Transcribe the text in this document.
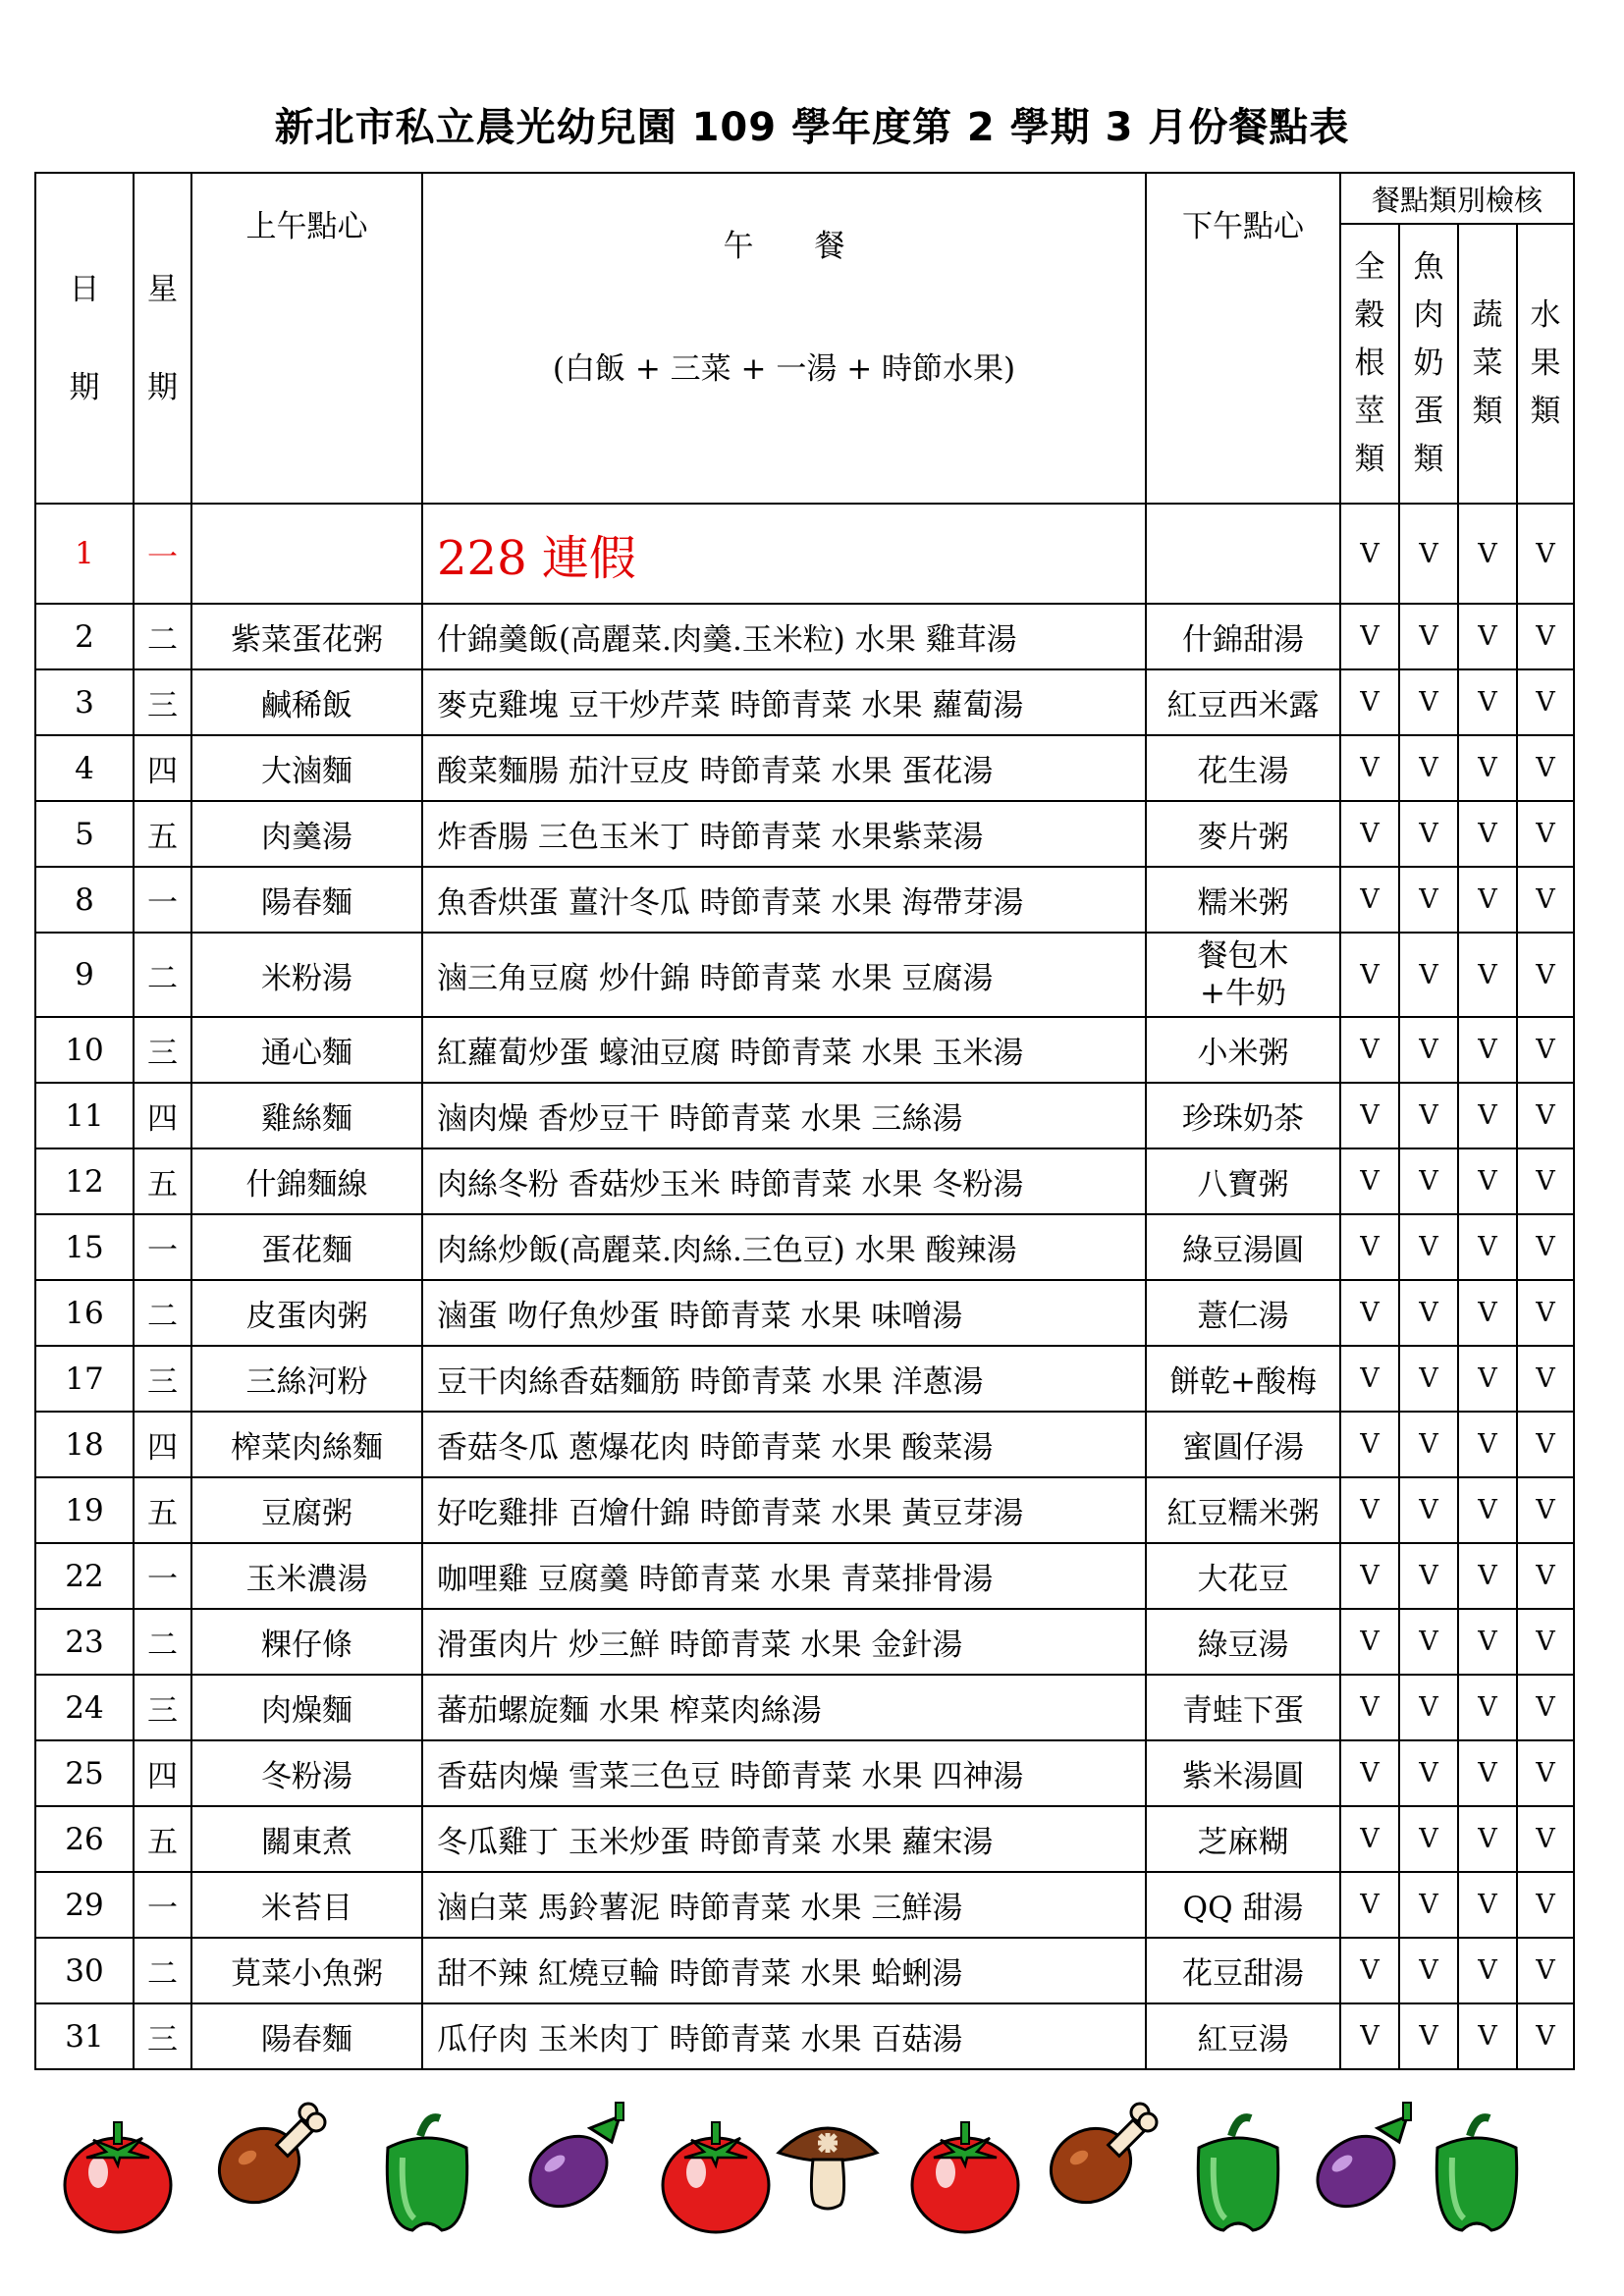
新北市私立晨光幼兒園 109 學年度第 2 學期 3 月份餐點表
日期	星期	上午點心	午　　餐
(白飯 + 三菜 + 一湯 + 時節水果)	下午點心	餐點類別檢核			
					全穀根莖類	魚肉奶蛋類	蔬菜類	水果類
1	一		228 連假		V	V	V	V
2	二	紫菜蛋花粥	什錦羹飯(高麗菜.肉羹.玉米粒) 水果 雞茸湯	什錦甜湯	V	V	V	V
3	三	鹹稀飯	麥克雞塊 豆干炒芹菜 時節青菜 水果 蘿蔔湯	紅豆西米露	V	V	V	V
4	四	大滷麵	酸菜麵腸 茄汁豆皮 時節青菜 水果 蛋花湯	花生湯	V	V	V	V
5	五	肉羹湯	炸香腸 三色玉米丁 時節青菜 水果紫菜湯	麥片粥	V	V	V	V
8	一	陽春麵	魚香烘蛋 薑汁冬瓜 時節青菜 水果 海帶芽湯	糯米粥	V	V	V	V
9	二	米粉湯	滷三角豆腐 炒什錦 時節青菜 水果 豆腐湯	餐包木+牛奶	V	V	V	V
10	三	通心麵	紅蘿蔔炒蛋 蠔油豆腐 時節青菜 水果 玉米湯	小米粥	V	V	V	V
11	四	雞絲麵	滷肉燥 香炒豆干 時節青菜 水果 三絲湯	珍珠奶茶	V	V	V	V
12	五	什錦麵線	肉絲冬粉 香菇炒玉米 時節青菜 水果 冬粉湯	八寶粥	V	V	V	V
15	一	蛋花麵	肉絲炒飯(高麗菜.肉絲.三色豆) 水果 酸辣湯	綠豆湯圓	V	V	V	V
16	二	皮蛋肉粥	滷蛋 吻仔魚炒蛋 時節青菜 水果 味噌湯	薏仁湯	V	V	V	V
17	三	三絲河粉	豆干肉絲香菇麵筋 時節青菜 水果 洋蔥湯	餅乾+酸梅	V	V	V	V
18	四	榨菜肉絲麵	香菇冬瓜 蔥爆花肉 時節青菜 水果 酸菜湯	蜜圓仔湯	V	V	V	V
19	五	豆腐粥	好吃雞排 百燴什錦 時節青菜 水果 黃豆芽湯	紅豆糯米粥	V	V	V	V
22	一	玉米濃湯	咖哩雞 豆腐羹 時節青菜 水果 青菜排骨湯	大花豆	V	V	V	V
23	二	粿仔條	滑蛋肉片 炒三鮮 時節青菜 水果 金針湯	綠豆湯	V	V	V	V
24	三	肉燥麵	蕃茄螺旋麵 水果 榨菜肉絲湯	青蛙下蛋	V	V	V	V
25	四	冬粉湯	香菇肉燥 雪菜三色豆 時節青菜 水果 四神湯	紫米湯圓	V	V	V	V
26	五	關東煮	冬瓜雞丁 玉米炒蛋 時節青菜 水果 蘿宋湯	芝麻糊	V	V	V	V
29	一	米苔目	滷白菜 馬鈴薯泥 時節青菜 水果 三鮮湯	QQ 甜湯	V	V	V	V
30	二	莧菜小魚粥	甜不辣 紅燒豆輪 時節青菜 水果 蛤蜊湯	花豆甜湯	V	V	V	V
31	三	陽春麵	瓜仔肉 玉米肉丁 時節青菜 水果 百菇湯	紅豆湯	V	V	V	V
